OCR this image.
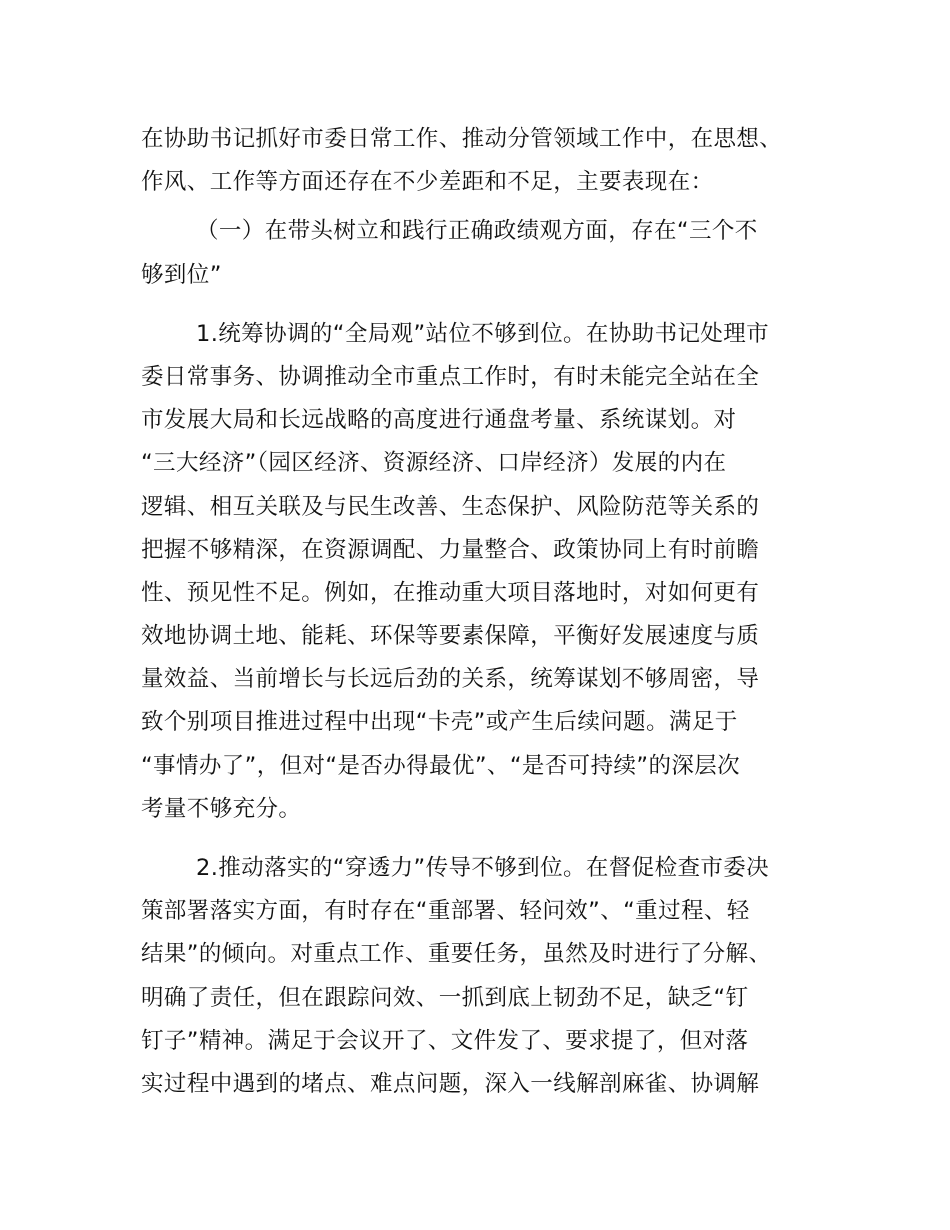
在协助书记抓好市委日常工作、推动分管领域工作中，在思想、
作风、工作等方面还存在不少差距和不足，主要表现在：
（一）在带头树立和践行正确政绩观方面，存在“三个不
够到位”
1.统筹协调的“全局观”站位不够到位。在协助书记处理市
委日常事务、协调推动全市重点工作时，有时未能完全站在全
市发展大局和长远战略的高度进行通盘考量、系统谋划。对
“三大经济”（园区经济、资源经济、口岸经济）发展的内在
逻辑、相互关联及与民生改善、生态保护、风险防范等关系的
把握不够精深，在资源调配、力量整合、政策协同上有时前瞻
性、预见性不足。例如，在推动重大项目落地时，对如何更有
效地协调土地、能耗、环保等要素保障，平衡好发展速度与质
量效益、当前增长与长远后劲的关系，统筹谋划不够周密，导
致个别项目推进过程中出现“卡壳”或产生后续问题。满足于
“事情办了”，但对“是否办得最优”、“是否可持续”的深层次
考量不够充分。
2.推动落实的“穿透力”传导不够到位。在督促检查市委决
策部署落实方面，有时存在“重部署、轻问效”、“重过程、轻
结果”的倾向。对重点工作、重要任务，虽然及时进行了分解、
明确了责任，但在跟踪问效、一抓到底上韧劲不足，缺乏“钉
钉子”精神。满足于会议开了、文件发了、要求提了，但对落
实过程中遇到的堵点、难点问题，深入一线解剖麻雀、协调解
